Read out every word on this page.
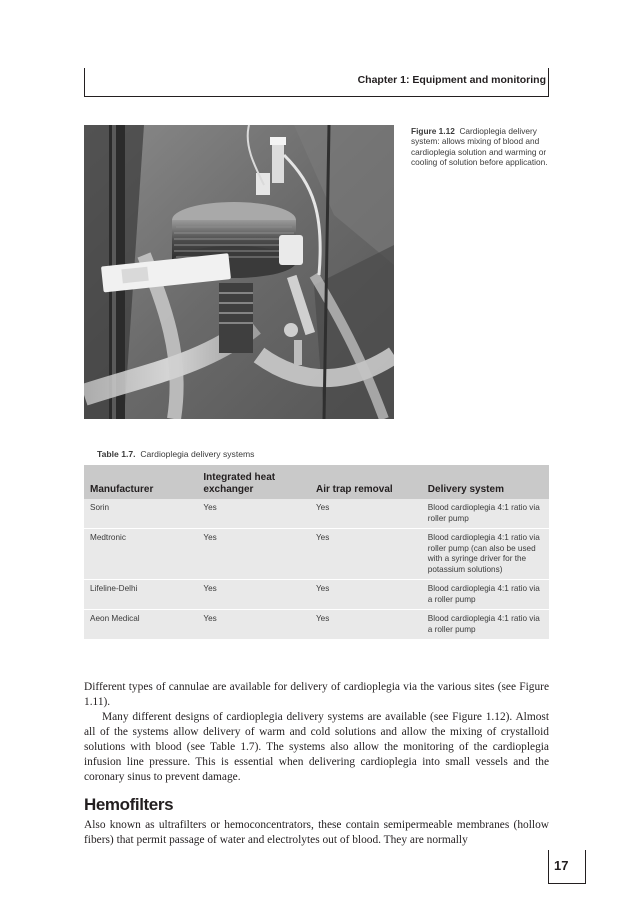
Chapter 1: Equipment and monitoring
Figure 1.12 Cardioplegia delivery system: allows mixing of blood and cardioplegia solution and warming or cooling of solution before application.
Table 1.7. Cardioplegia delivery systems
Manufacturer	Integrated heat exchanger	Air trap removal	Delivery system
Sorin	Yes	Yes	Blood cardioplegia 4:1 ratio via roller pump
Medtronic	Yes	Yes	Blood cardioplegia 4:1 ratio via roller pump (can also be used with a syringe driver for the potassium solutions)
Lifeline-Delhi	Yes	Yes	Blood cardioplegia 4:1 ratio via a roller pump
Aeon Medical	Yes	Yes	Blood cardioplegia 4:1 ratio via a roller pump

Different types of cannulae are available for delivery of cardioplegia via the various sites (see Figure 1.11).

Many different designs of cardioplegia delivery systems are available (see Figure 1.12). Almost all of the systems allow delivery of warm and cold solutions and allow the mixing of crystalloid solutions with blood (see Table 1.7). The systems also allow the monitoring of the cardioplegia infusion line pressure. This is essential when delivering cardioplegia into small vessels and the coronary sinus to prevent damage.

Hemofilters

Also known as ultrafilters or hemoconcentrators, these contain semipermeable membranes (hollow fibers) that permit passage of water and electrolytes out of blood. They are normally

17
